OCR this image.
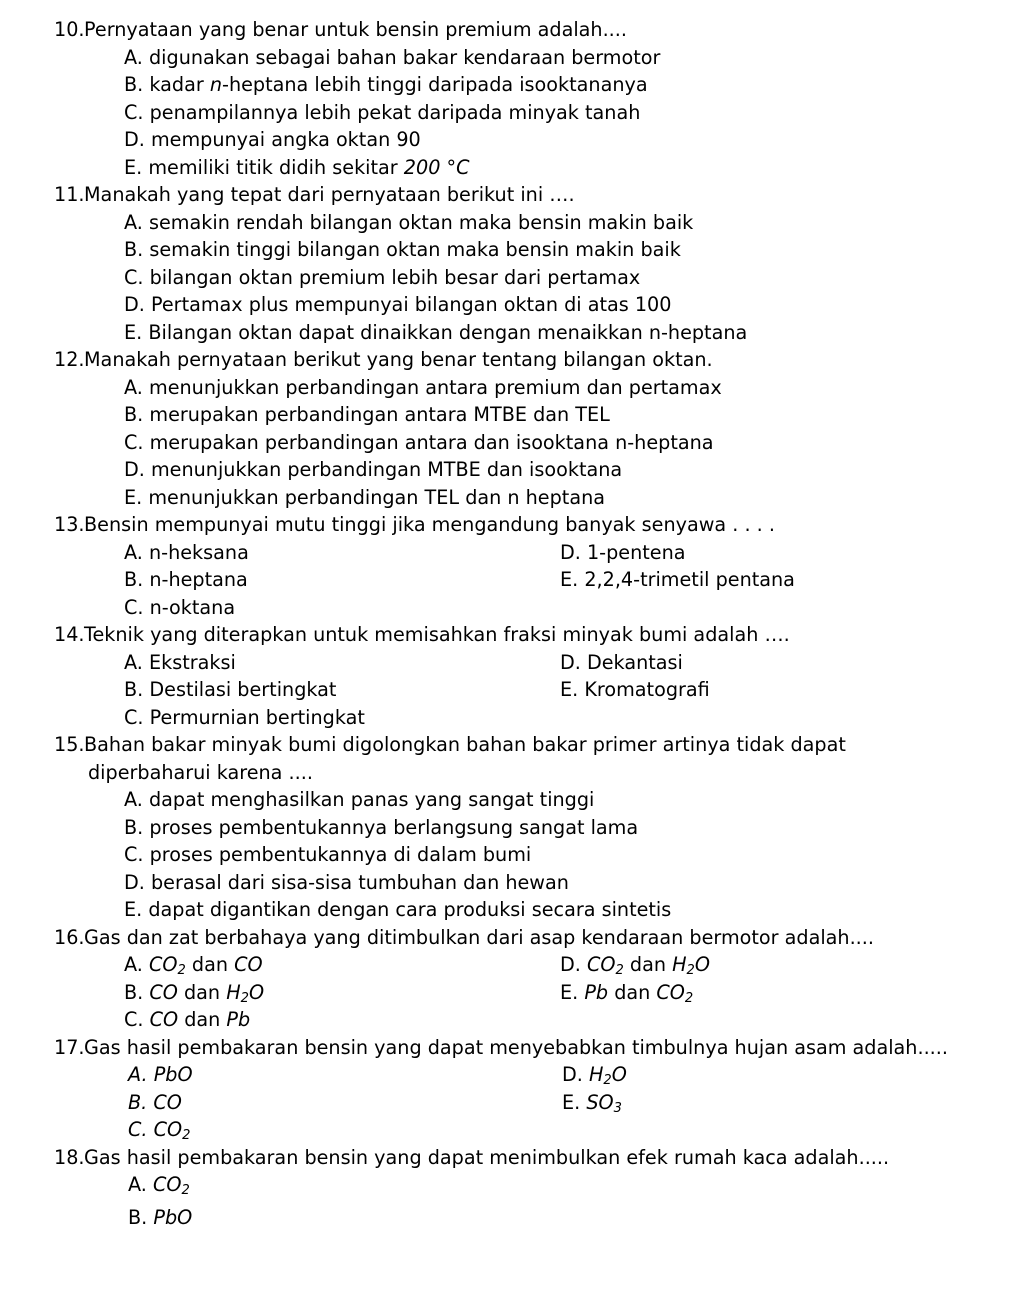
10.Pernyataan yang benar untuk bensin premium adalah....
A. digunakan sebagai bahan bakar kendaraan bermotor
B. kadar n-heptana lebih tinggi daripada isooktananya
C. penampilannya lebih pekat daripada minyak tanah
D. mempunyai angka oktan 90
E. memiliki titik didih sekitar 200 °C
11.Manakah yang tepat dari pernyataan berikut ini ….
A. semakin rendah bilangan oktan maka bensin makin baik
B. semakin tinggi bilangan oktan maka bensin makin baik
C. bilangan oktan premium lebih besar dari pertamax
D. Pertamax plus mempunyai bilangan oktan di atas 100
E. Bilangan oktan dapat dinaikkan dengan menaikkan n-heptana
12.Manakah pernyataan berikut yang benar tentang bilangan oktan.
A. menunjukkan perbandingan antara premium dan pertamax
B. merupakan perbandingan antara MTBE dan TEL
C. merupakan perbandingan antara dan isooktana n-heptana
D. menunjukkan perbandingan MTBE dan isooktana
E. menunjukkan perbandingan TEL dan n heptana
13.Bensin mempunyai mutu tinggi jika mengandung banyak senyawa . . . .
A. n-heksana	D. 1-pentena
B. n-heptana	E. 2,2,4-trimetil pentana
C. n-oktana
14.Teknik yang diterapkan untuk memisahkan fraksi minyak bumi adalah ….
A. Ekstraksi	D. Dekantasi
B. Destilasi bertingkat	E. Kromatografi
C. Permurnian bertingkat
15.Bahan bakar minyak bumi digolongkan bahan bakar primer artinya tidak dapat diperbaharui karena ....
A. dapat menghasilkan panas yang sangat tinggi
B. proses pembentukannya berlangsung sangat lama
C. proses pembentukannya di dalam bumi
D. berasal dari sisa-sisa tumbuhan dan hewan
E. dapat digantikan dengan cara produksi secara sintetis
16.Gas dan zat berbahaya yang ditimbulkan dari asap kendaraan bermotor adalah....
A. $CO_2$ dan CO	D. $CO_2$ dan $H_2O$
B. CO dan $H_2O$	E. Pb dan $CO_2$
C. CO dan Pb
17.Gas hasil pembakaran bensin yang dapat menyebabkan timbulnya hujan asam adalah.....
A. PbO	D. $H_2O$
B. CO	E. $SO_3$
C. $CO_2$
18.Gas hasil pembakaran bensin yang dapat menimbulkan efek rumah kaca adalah.....
A. $CO_2$
B. PbO
